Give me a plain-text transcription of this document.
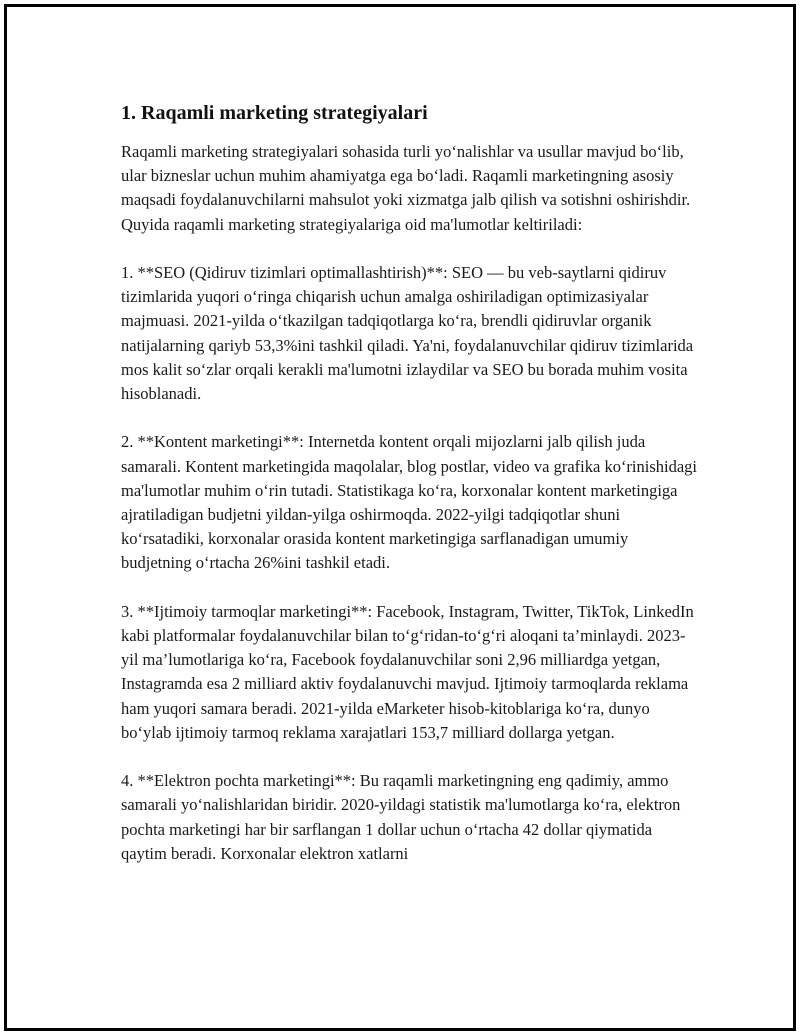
1. Raqamli marketing strategiyalari

Raqamli marketing strategiyalari sohasida turli yo‘nalishlar va usullar mavjud bo‘lib, ular bizneslar uchun muhim ahamiyatga ega bo‘ladi. Raqamli marketingning asosiy maqsadi foydalanuvchilarni mahsulot yoki xizmatga jalb qilish va sotishni oshirishdir. Quyida raqamli marketing strategiyalariga oid ma'lumotlar keltiriladi:

1. **SEO (Qidiruv tizimlari optimallashtirish)**: SEO — bu veb-saytlarni qidiruv tizimlarida yuqori o‘ringa chiqarish uchun amalga oshiriladigan optimizasiyalar majmuasi. 2021-yilda o‘tkazilgan tadqiqotlarga ko‘ra, brendli qidiruvlar organik natijalarning qariyb 53,3%ini tashkil qiladi. Ya'ni, foydalanuvchilar qidiruv tizimlarida mos kalit so‘zlar orqali kerakli ma'lumotni izlaydilar va SEO bu borada muhim vosita hisoblanadi.

2. **Kontent marketingi**: Internetda kontent orqali mijozlarni jalb qilish juda samarali. Kontent marketingida maqolalar, blog postlar, video va grafika ko‘rinishidagi ma'lumotlar muhim o‘rin tutadi. Statistikaga ko‘ra, korxonalar kontent marketingiga ajratiladigan budjetni yildan-yilga oshirmoqda. 2022-yilgi tadqiqotlar shuni ko‘rsatadiki, korxonalar orasida kontent marketingiga sarflanadigan umumiy budjetning o‘rtacha 26%ini tashkil etadi.

3. **Ijtimoiy tarmoqlar marketingi**: Facebook, Instagram, Twitter, TikTok, LinkedIn kabi platformalar foydalanuvchilar bilan to‘g‘ridan-to‘g‘ri aloqani ta’minlaydi. 2023-yil ma’lumotlariga ko‘ra, Facebook foydalanuvchilar soni 2,96 milliardga yetgan, Instagramda esa 2 milliard aktiv foydalanuvchi mavjud. Ijtimoiy tarmoqlarda reklama ham yuqori samara beradi. 2021-yilda eMarketer hisob-kitoblariga ko‘ra, dunyo bo‘ylab ijtimoiy tarmoq reklama xarajatlari 153,7 milliard dollarga yetgan.

4. **Elektron pochta marketingi**: Bu raqamli marketingning eng qadimiy, ammo samarali yo‘nalishlaridan biridir. 2020-yildagi statistik ma'lumotlarga ko‘ra, elektron pochta marketingi har bir sarflangan 1 dollar uchun o‘rtacha 42 dollar qiymatida qaytim beradi. Korxonalar elektron xatlarni
